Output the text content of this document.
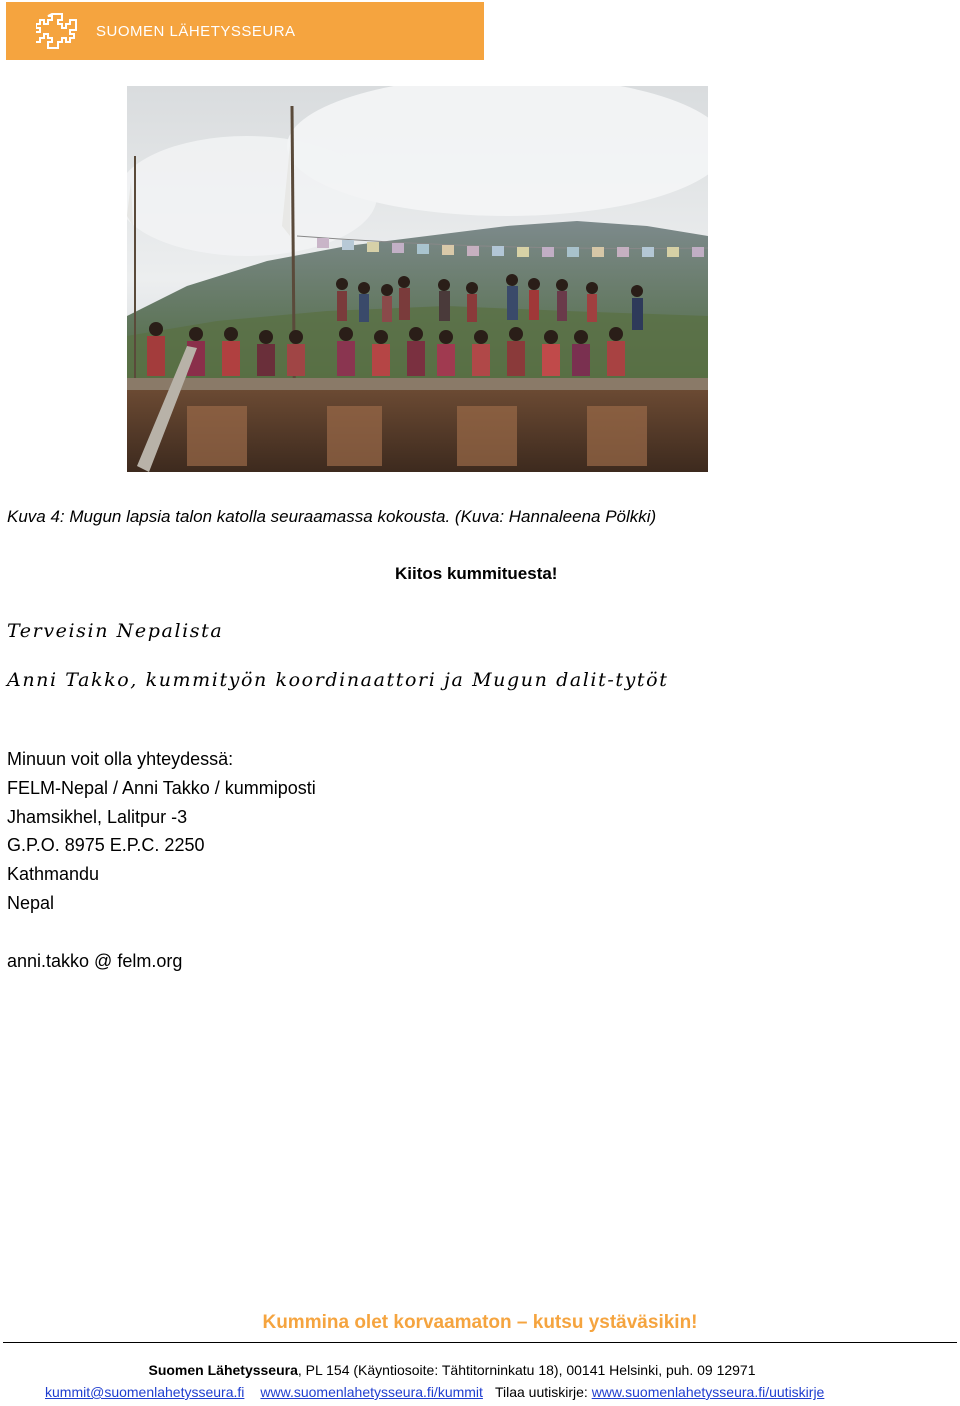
SUOMEN LÄHETYSSEURA
Kuva 4: Mugun lapsia talon katolla seuraamassa kokousta. (Kuva: Hannaleena Pölkki)
Kiitos kummituesta!
Terveisin Nepalista
Anni Takko, kummityön koordinaattori ja Mugun dalit-tytöt
Minuun voit olla yhteydessä:
FELM-Nepal / Anni Takko / kummiposti
Jhamsikhel, Lalitpur -3
G.P.O. 8975 E.P.C. 2250
Kathmandu
Nepal
anni.takko @ felm.org
Kummina olet korvaamaton – kutsu ystäväsikin!
Suomen Lähetysseura, PL 154 (Käyntiosoite: Tähtitorninkatu 18), 00141 Helsinki, puh. 09 12971
kummit@suomenlahetysseura.fi www.suomenlahetysseura.fi/kummit Tilaa uutiskirje: www.suomenlahetysseura.fi/uutiskirje
